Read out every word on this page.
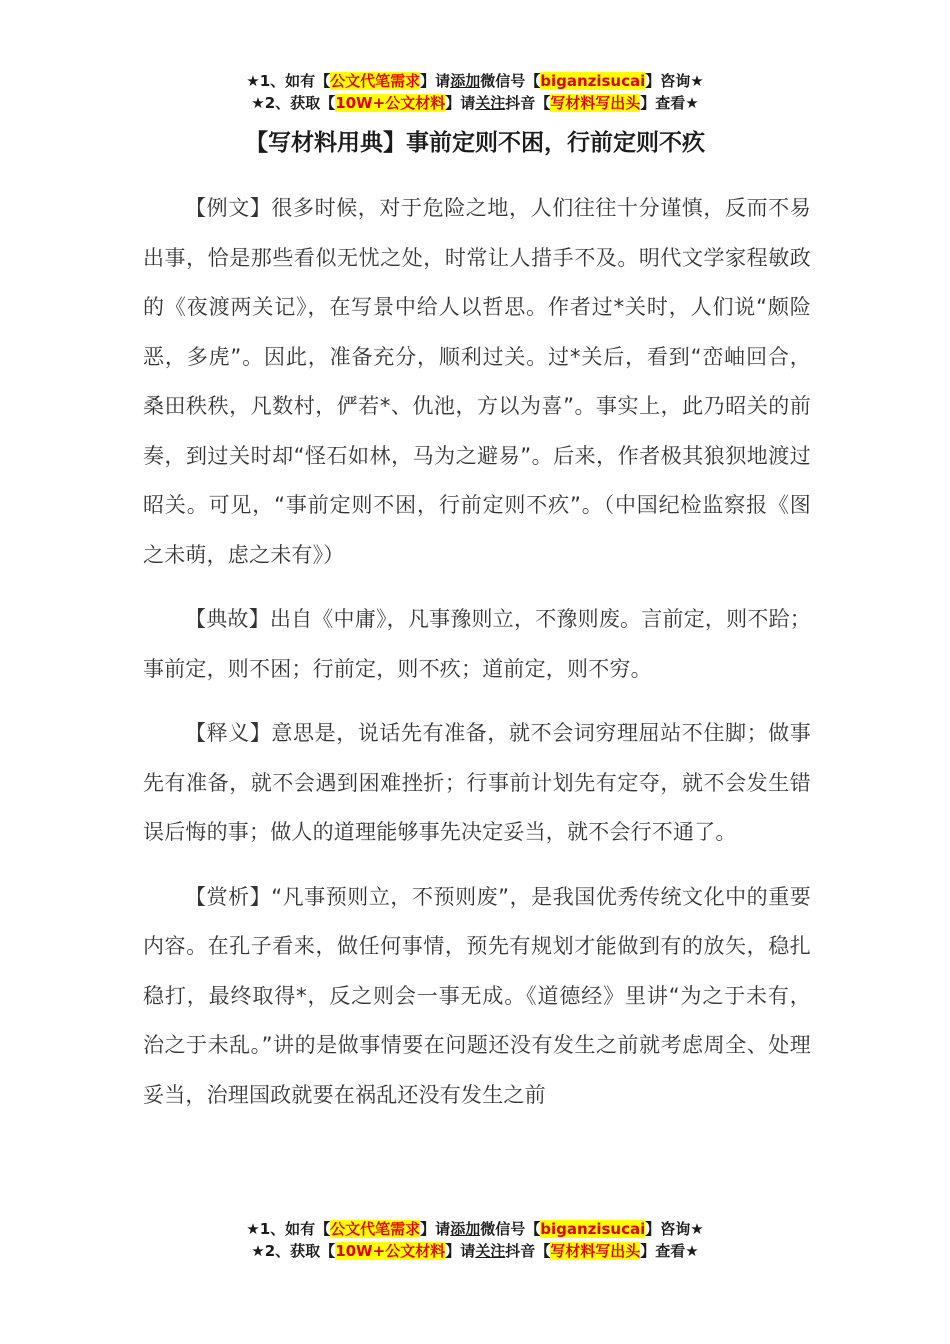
★1、如有【公文代笔需求】请添加微信号【biganzisucai】咨询★
★2、获取【10W+公文材料】请关注抖音【写材料写出头】查看★
【写材料用典】事前定则不困，行前定则不疚

【例文】很多时候，对于危险之地，人们往往十分谨慎，反而不易出事，恰是那些看似无忧之处，时常让人措手不及。明代文学家程敏政的《夜渡两关记》，在写景中给人以哲思。作者过*关时，人们说“颇险恶，多虎”。因此，准备充分，顺利过关。过*关后，看到“峦岫回合，桑田秩秩，凡数村，俨若*、仇池，方以为喜”。事实上，此乃昭关的前奏，到过关时却“怪石如林，马为之避易”。后来，作者极其狼狈地渡过昭关。可见，“事前定则不困，行前定则不疚”。（中国纪检监察报《图之未萌，虑之未有》）

【典故】出自《中庸》，凡事豫则立，不豫则废。言前定，则不跲；事前定，则不困；行前定，则不疚；道前定，则不穷。

【释义】意思是，说话先有准备，就不会词穷理屈站不住脚；做事先有准备，就不会遇到困难挫折；行事前计划先有定夺，就不会发生错误后悔的事；做人的道理能够事先决定妥当，就不会行不通了。

【赏析】“凡事预则立，不预则废”，是我国优秀传统文化中的重要内容。在孔子看来，做任何事情，预先有规划才能做到有的放矢，稳扎稳打，最终取得*，反之则会一事无成。《道德经》里讲“为之于未有，治之于未乱。”讲的是做事情要在问题还没有发生之前就考虑周全、处理妥当，治理国政就要在祸乱还没有发生之前

★1、如有【公文代笔需求】请添加微信号【biganzisucai】咨询★
★2、获取【10W+公文材料】请关注抖音【写材料写出头】查看★
